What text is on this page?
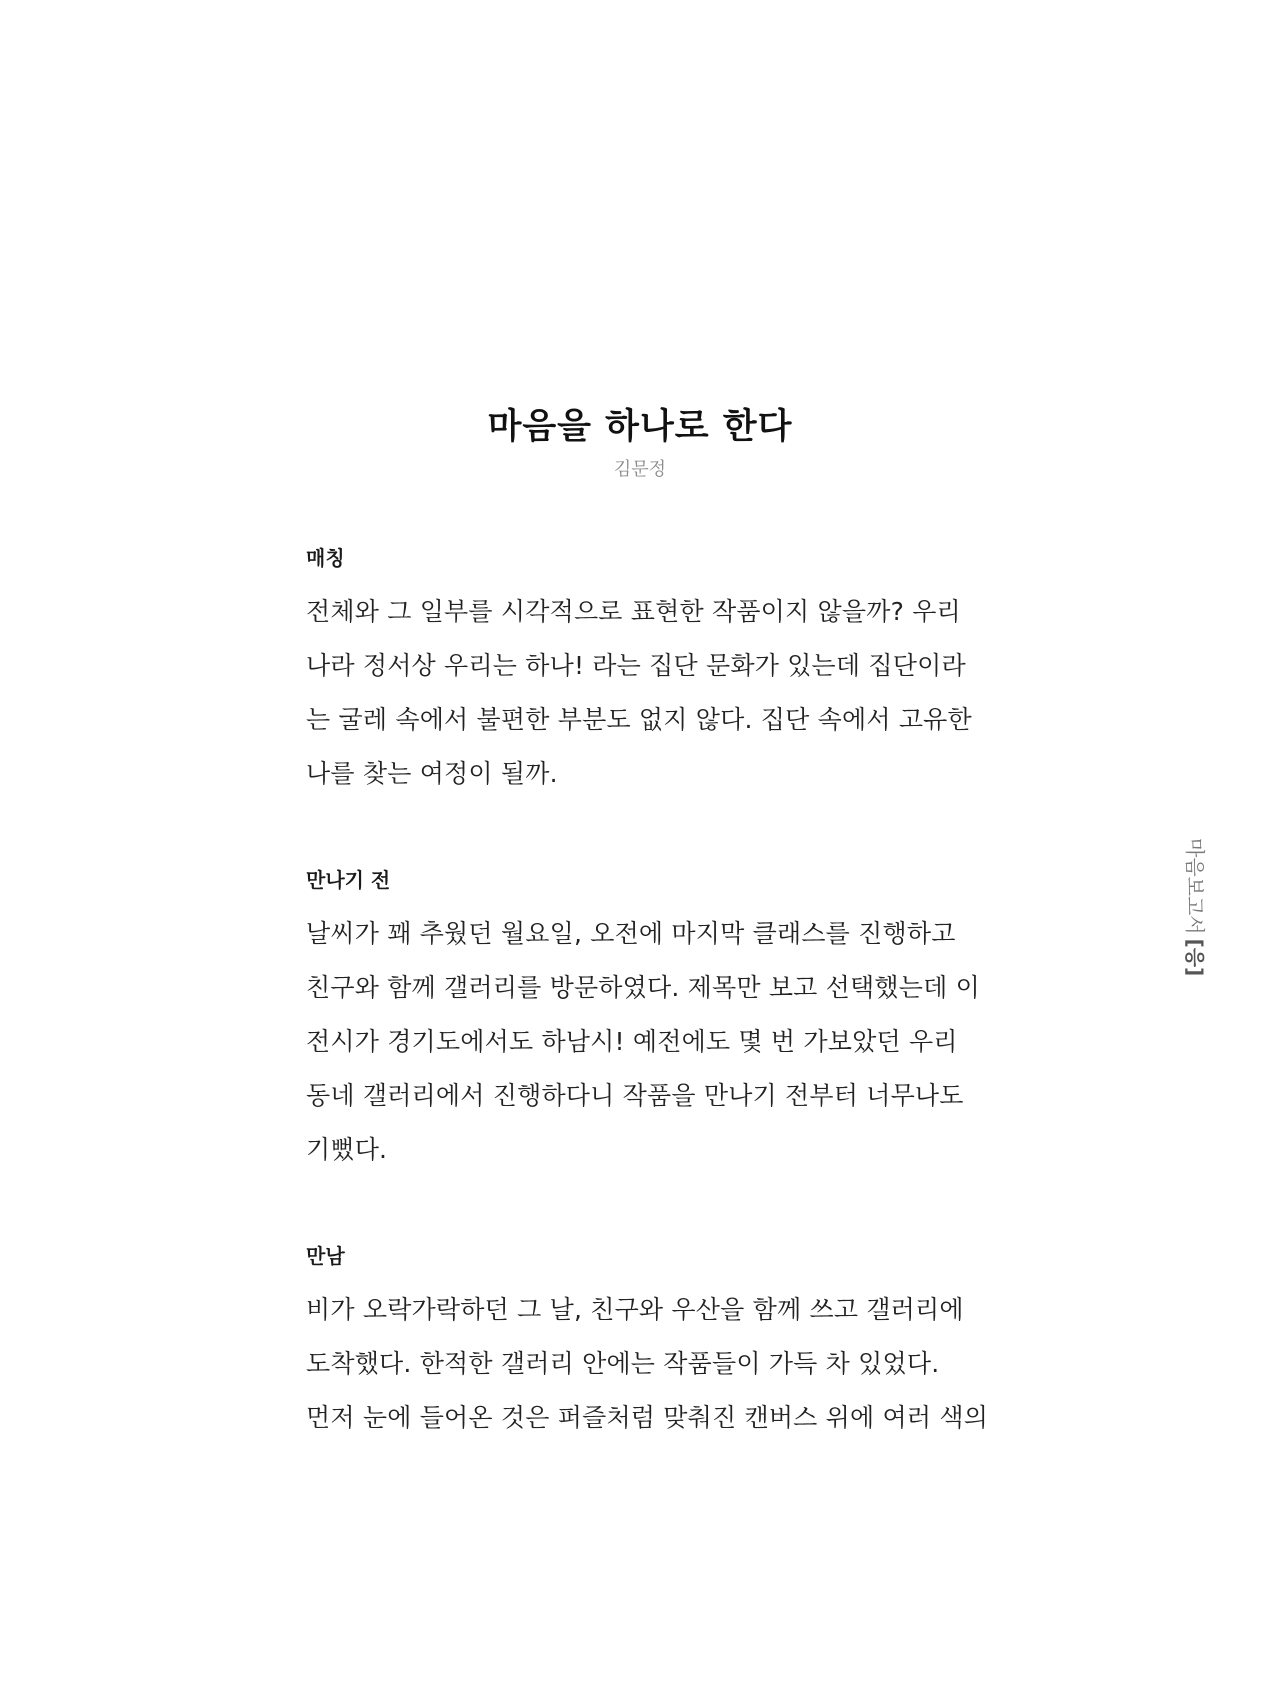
마음을 하나로 한다
김문정
마음보고서[응]
매칭

전체와 그 일부를 시각적으로 표현한 작품이지 않을까? 우리

나라 정서상 우리는 하나! 라는 집단 문화가 있는데 집단이라

는 굴레 속에서 불편한 부분도 없지 않다. 집단 속에서 고유한

나를 찾는 여정이 될까.

만나기 전

날씨가 꽤 추웠던 월요일, 오전에 마지막 클래스를 진행하고

친구와 함께 갤러리를 방문하였다. 제목만 보고 선택했는데 이

전시가 경기도에서도 하남시! 예전에도 몇 번 가보았던 우리

동네 갤러리에서 진행하다니 작품을 만나기 전부터 너무나도

기뻤다.

만남

비가 오락가락하던 그 날, 친구와 우산을 함께 쓰고 갤러리에

도착했다. 한적한 갤러리 안에는 작품들이 가득 차 있었다.

먼저 눈에 들어온 것은 퍼즐처럼 맞춰진 캔버스 위에 여러 색의
